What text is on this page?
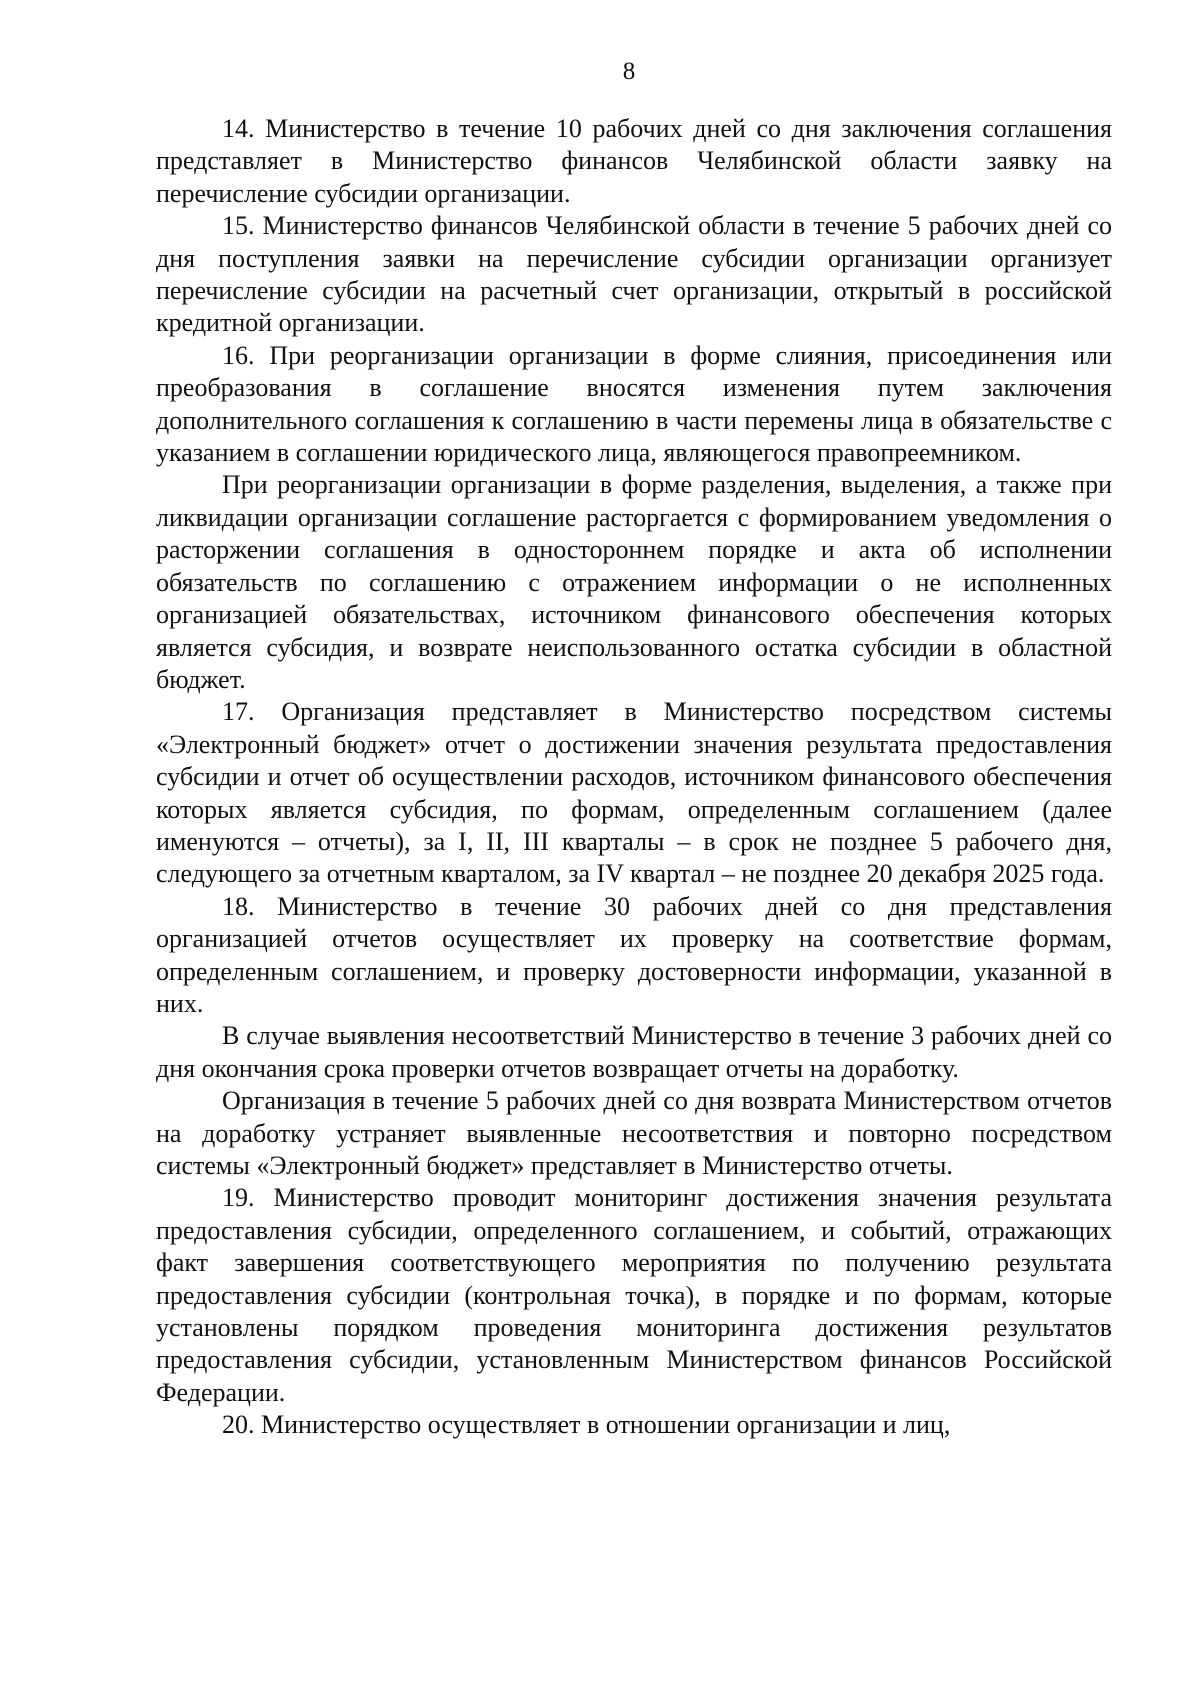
8

14. Министерство в течение 10 рабочих дней со дня заключения соглашения представляет в Министерство финансов Челябинской области заявку на перечисление субсидии организации.

15. Министерство финансов Челябинской области в течение 5 рабочих дней со дня поступления заявки на перечисление субсидии организации организует перечисление субсидии на расчетный счет организации, открытый в российской кредитной организации.

16. При реорганизации организации в форме слияния, присоединения или преобразования в соглашение вносятся изменения путем заключения дополнительного соглашения к соглашению в части перемены лица в обязательстве с указанием в соглашении юридического лица, являющегося правопреемником.

При реорганизации организации в форме разделения, выделения, а также при ликвидации организации соглашение расторгается с формированием уведомления о расторжении соглашения в одностороннем порядке и акта об исполнении обязательств по соглашению с отражением информации о не исполненных организацией обязательствах, источником финансового обеспечения которых является субсидия, и возврате неиспользованного остатка субсидии в областной бюджет.

17. Организация представляет в Министерство посредством системы «Электронный бюджет» отчет о достижении значения результата предоставления субсидии и отчет об осуществлении расходов, источником финансового обеспечения которых является субсидия, по формам, определенным соглашением (далее именуются – отчеты), за I, II, III кварталы – в срок не позднее 5 рабочего дня, следующего за отчетным кварталом, за IV квартал – не позднее 20 декабря 2025 года.

18. Министерство в течение 30 рабочих дней со дня представления организацией отчетов осуществляет их проверку на соответствие формам, определенным соглашением, и проверку достоверности информации, указанной в них.

В случае выявления несоответствий Министерство в течение 3 рабочих дней со дня окончания срока проверки отчетов возвращает отчеты на доработку.

Организация в течение 5 рабочих дней со дня возврата Министерством отчетов на доработку устраняет выявленные несоответствия и повторно посредством системы «Электронный бюджет» представляет в Министерство отчеты.

19. Министерство проводит мониторинг достижения значения результата предоставления субсидии, определенного соглашением, и событий, отражающих факт завершения соответствующего мероприятия по получению результата предоставления субсидии (контрольная точка), в порядке и по формам, которые установлены порядком проведения мониторинга достижения результатов предоставления субсидии, установленным Министерством финансов Российской Федерации.

20. Министерство осуществляет в отношении организации и лиц,
